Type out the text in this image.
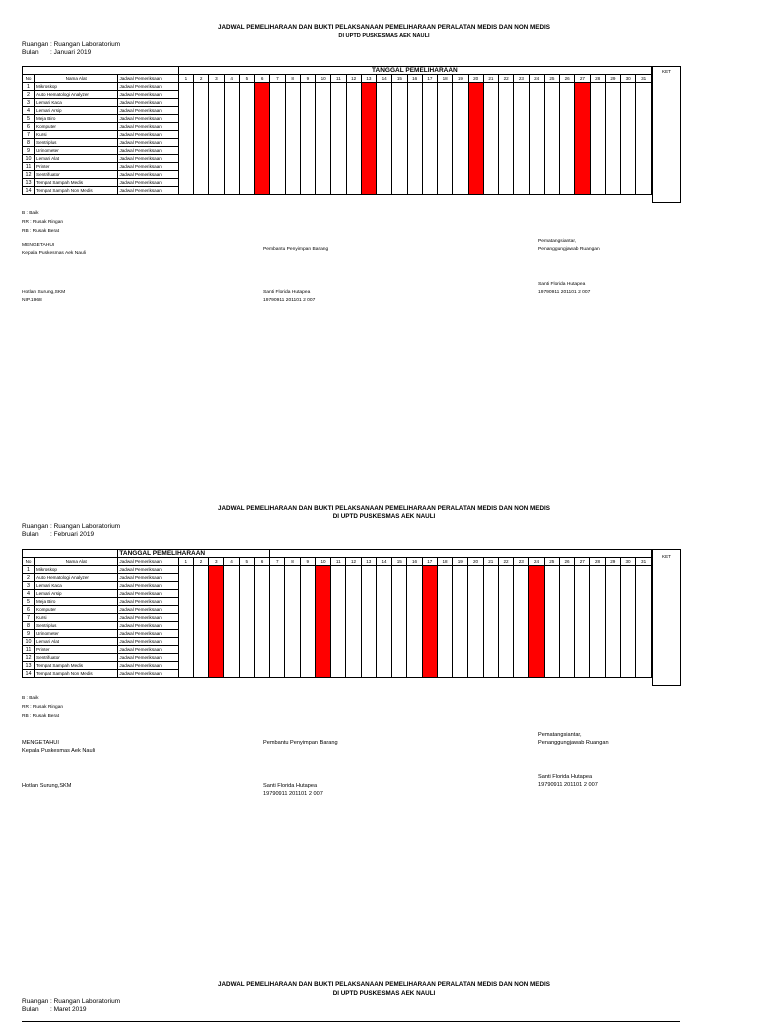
JADWAL PEMELIHARAAN DAN BUKTI PELAKSANAAN PEMELIHARAAN PERALATAN MEDIS DAN NON MEDIS
DI UPTD PUSKESMAS AEK NAULI
Ruangan : Ruangan Laboratorium
Bulan	: Januari 2019
			TANGGAL PEMELIHARAAN																														
No	Nama Alat	Jadwal Pemeriksaan	1	2	3	4	5	6	7	8	9	10	11	12	13	14	15	16	17	18	19	20	21	22	23	24	25	26	27	28	29	30	31
1	Mikroskop	Jadwal Pemeriksaan																															
2	Auto Hematologi Analyzer	Jadwal Pemeriksaan																															
3	Lemari Kaca	Jadwal Pemeriksaan																															
4	Lemari Arsip	Jadwal Pemeriksaan																															
5	Meja Biro	Jadwal Pemeriksaan																															
6	Komputer	Jadwal Pemeriksaan																															
7	Kursi	Jadwal Pemeriksaan																															
8	Sentriplus	Jadwal Pemeriksaan																															
9	Urinometer	Jadwal Pemeriksaan																															
10	Lemari Alat	Jadwal Pemeriksaan																															
11	Printer	Jadwal Pemeriksaan																															
12	Sentrifuator	Jadwal Pemeriksaan																															
13	Tempat Sampah Medis	Jadwal Pemeriksaan																															
14	Tempat Sampah Non Medis	Jadwal Pemeriksaan																															
KET
B : Baik
RR : Rusak Ringan
RB : Rusak Berat
MENGETAHUI
Kepala Puskesmas Aek Nauli
Pembantu Penyimpan Barang
Pematangsiantar,
Penanggungjawab Ruangan
Hotlan Surung,SKM
NIP.1968
Santi Florida Hutapea
19790911 201101 2 007
Santi Florida Hutapea
19790911 201101 2 007
JADWAL PEMELIHARAAN DAN BUKTI PELAKSANAAN PEMELIHARAAN PERALATAN MEDIS DAN NON MEDIS
DI UPTD PUSKESMAS AEK NAULI
Ruangan : Ruangan Laboratorium
Bulan	: Februari 2019
		TANGGAL PEMELIHARAAN																															
No	Nama Alat	Jadwal Pemeriksaan	1	2	3	4	5	6	7	8	9	10	11	12	13	14	15	16	17	18	19	20	21	22	23	24	25	26	27	28	29	30	31
1	Mikroskop	Jadwal Pemeriksaan																															
2	Auto Hematologi Analyzer	Jadwal Pemeriksaan																															
3	Lemari Kaca	Jadwal Pemeriksaan																															
4	Lemari Arsip	Jadwal Pemeriksaan																															
5	Meja Biro	Jadwal Pemeriksaan																															
6	Komputer	Jadwal Pemeriksaan																															
7	Kursi	Jadwal Pemeriksaan																															
8	Sentriplus	Jadwal Pemeriksaan																															
9	Urinometer	Jadwal Pemeriksaan																															
10	Lemari Alat	Jadwal Pemeriksaan																															
11	Printer	Jadwal Pemeriksaan																															
12	Sentrifuator	Jadwal Pemeriksaan																															
13	Tempat Sampah Medis	Jadwal Pemeriksaan																															
14	Tempat Sampah Non Medis	Jadwal Pemeriksaan																															
KET
B : Baik
RR : Rusak Ringan
RB : Rusak Berat
MENGETAHUI
Kepala Puskesmas Aek Nauli
Pembantu Penyimpan Barang
Pematangsiantar,
Penanggungjawab Ruangan
Hotlan Surung,SKM	Santi Florida Hutapea
19790911 201101 2 007
Santi Florida Hutapea
19790911 201101 2 007
JADWAL PEMELIHARAAN DAN BUKTI PELAKSANAAN PEMELIHARAAN PERALATAN MEDIS DAN NON MEDIS
DI UPTD PUSKESMAS AEK NAULI
Ruangan : Ruangan Laboratorium
Bulan	: Maret 2019
